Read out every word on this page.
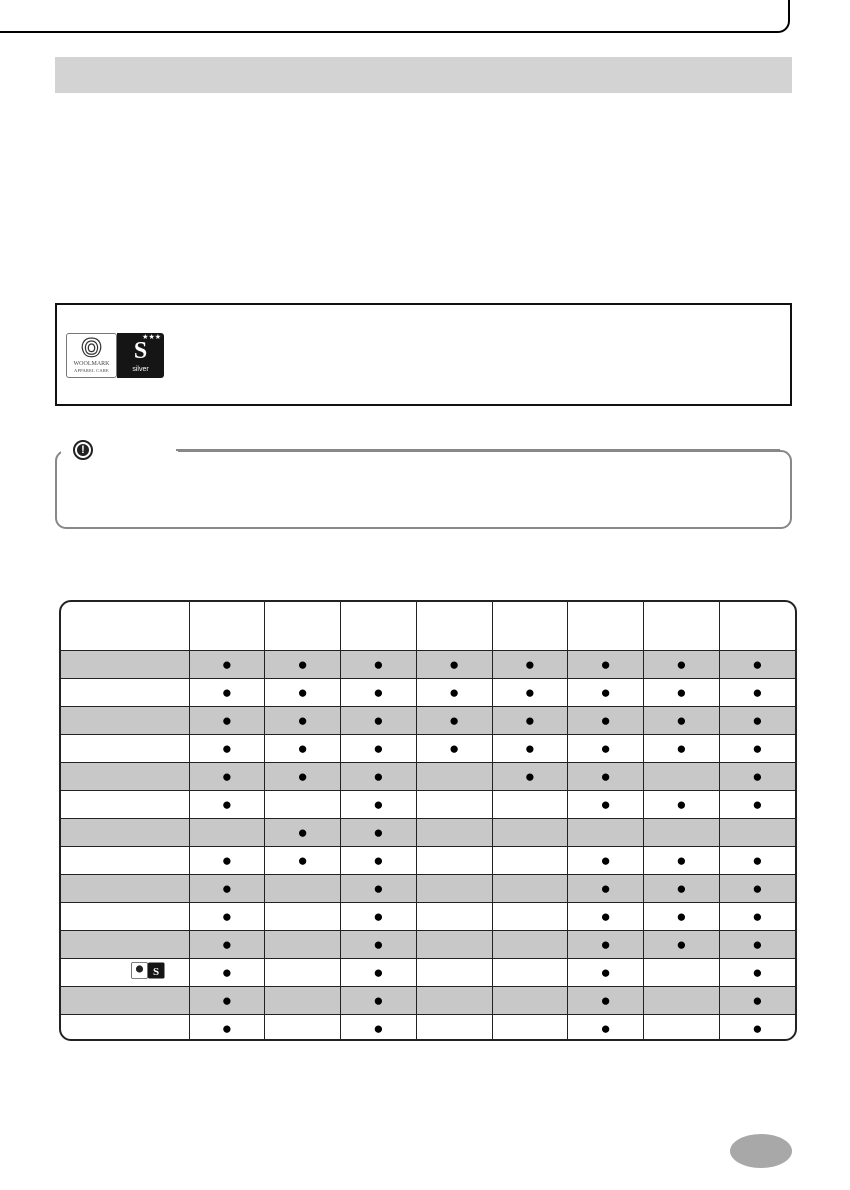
WOOLMARK
APPAREL CARE
★★★
S
silver
!

	●	●	●	●	●	●	●	●
	●	●	●	●	●	●	●	●
	●	●	●	●	●	●	●	●
	●	●	●	●	●	●	●	●
	●	●	●		●	●		●
	●		●			●	●	●
		●	●					
	●	●	●			●	●	●
	●		●			●	●	●
	●		●			●	●	●
	●		●			●	●	●

S	●		●			●		●
	●		●			●		●
	●		●			●		●
